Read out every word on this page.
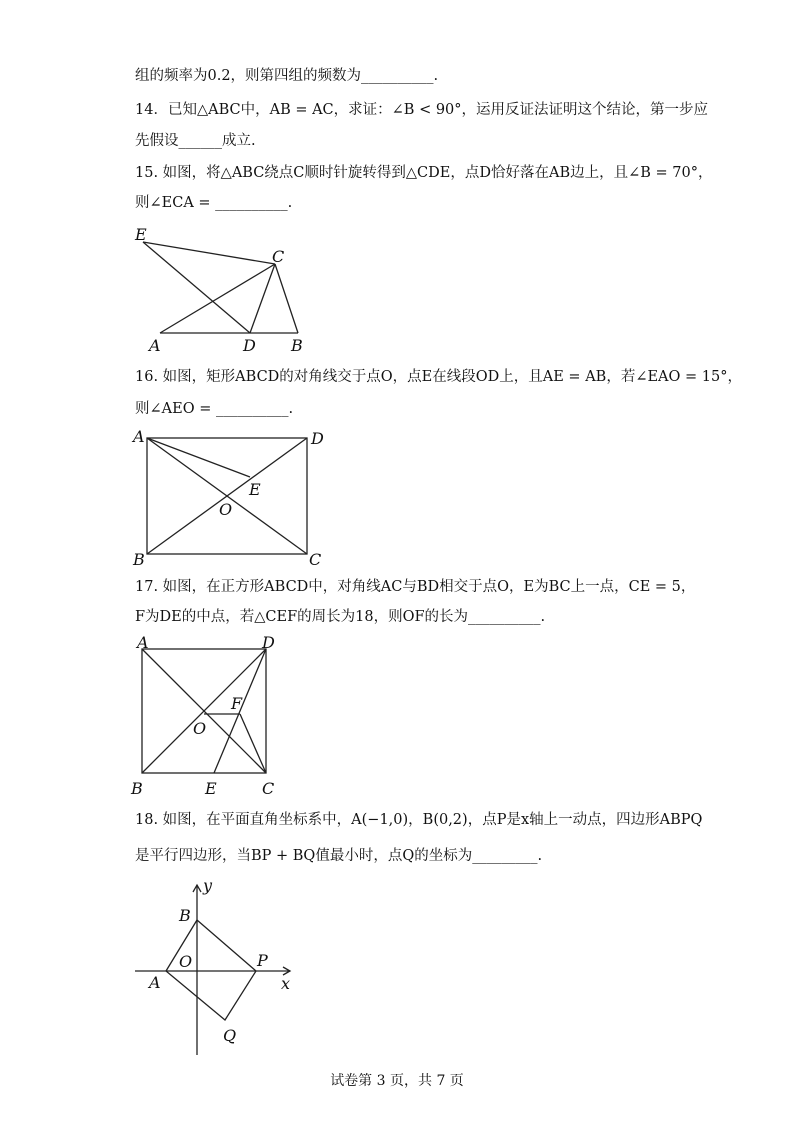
组的频率为0.2，则第四组的频数为__________.
14．已知△ABC中，AB = AC，求证：∠B < 90°，运用反证法证明这个结论，第一步应
先假设______成立.
15. 如图，将△ABC绕点C顺时针旋转得到△CDE，点D恰好落在AB边上，且∠B = 70°，
则∠ECA = __________.
E
C
A	D B
16. 如图，矩形ABCD的对角线交于点O，点E在线段OD上，且AE = AB，若∠EAO = 15°，
则∠AEO = __________.
A	D
E
O
B	C
17. 如图，在正方形ABCD中，对角线AC与BD相交于点O，E为BC上一点，CE = 5，
F为DE的中点，若△CEF的周长为18，则OF的长为__________.
A	D
F
O
B	E	C
18. 如图，在平面直角坐标系中，A(−1,0)，B(0,2)，点P是x轴上一动点，四边形ABPQ
是平行四边形，当BP + BQ值最小时，点Q的坐标为_________.
y
B
O	P
A	x
Q
试卷第 3 页，共 7 页
